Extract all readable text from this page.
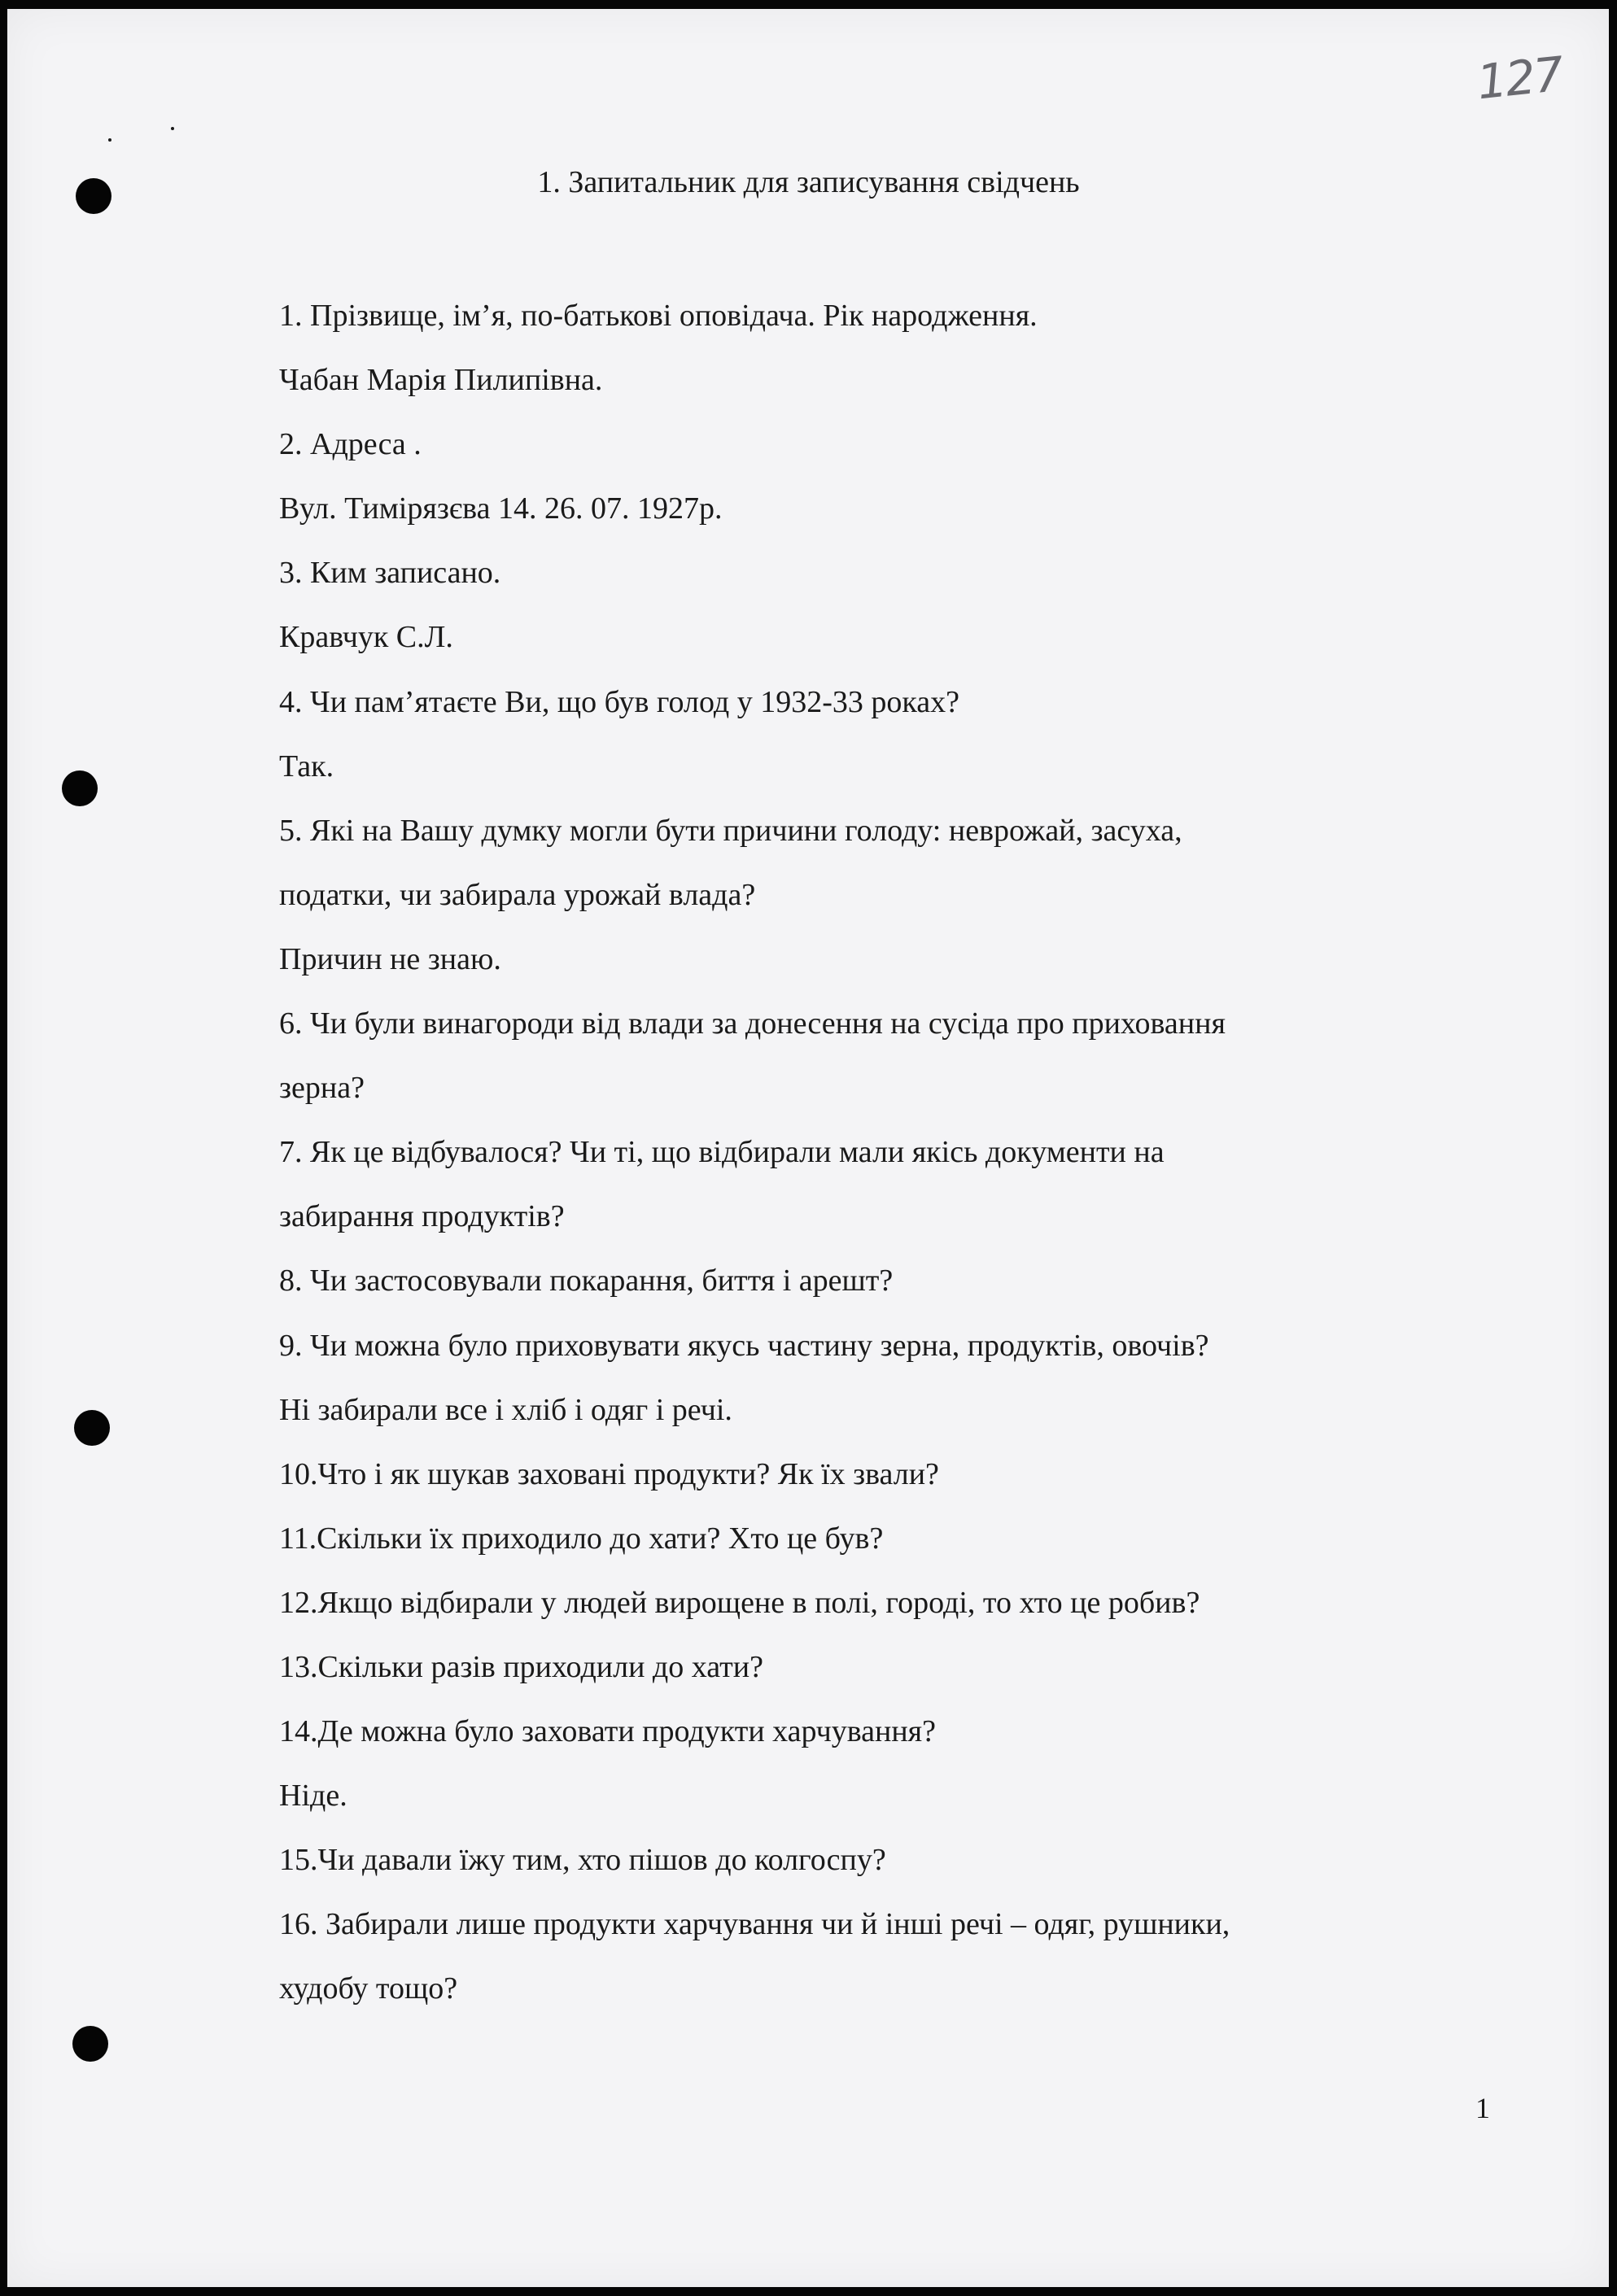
127
1. Запитальник для записування свідчень
1. Прізвище, ім’я, по-батькові оповідача. Рік народження.
Чабан Марія Пилипівна.
2. Адреса .
Вул. Тимірязєва 14. 26. 07. 1927р.
3. Ким записано.
Кравчук С.Л.
4. Чи пам’ятаєте Ви, що був голод у 1932-33 роках?
Так.
5. Які на Вашу думку могли бути причини голоду: неврожай, засуха,
податки, чи забирала урожай влада?
Причин не знаю.
6. Чи були винагороди від влади за донесення на сусіда про приховання
зерна?
7. Як це відбувалося? Чи ті, що відбирали мали якісь документи на
забирання продуктів?
8. Чи застосовували покарання, биття і арешт?
9. Чи можна було приховувати якусь частину зерна, продуктів, овочів?
Ні забирали все і хліб і одяг і речі.
10.Что і як шукав заховані продукти? Як їх звали?
11.Скільки їх приходило до хати? Хто це був?
12.Якщо відбирали у людей вирощене в полі, городі, то хто це робив?
13.Скільки разів приходили до хати?
14.Де можна було заховати продукти харчування?
Ніде.
15.Чи давали їжу тим, хто пішов до колгоспу?
16. Забирали лише продукти харчування чи й інші речі – одяг, рушники,
худобу тощо?
1
